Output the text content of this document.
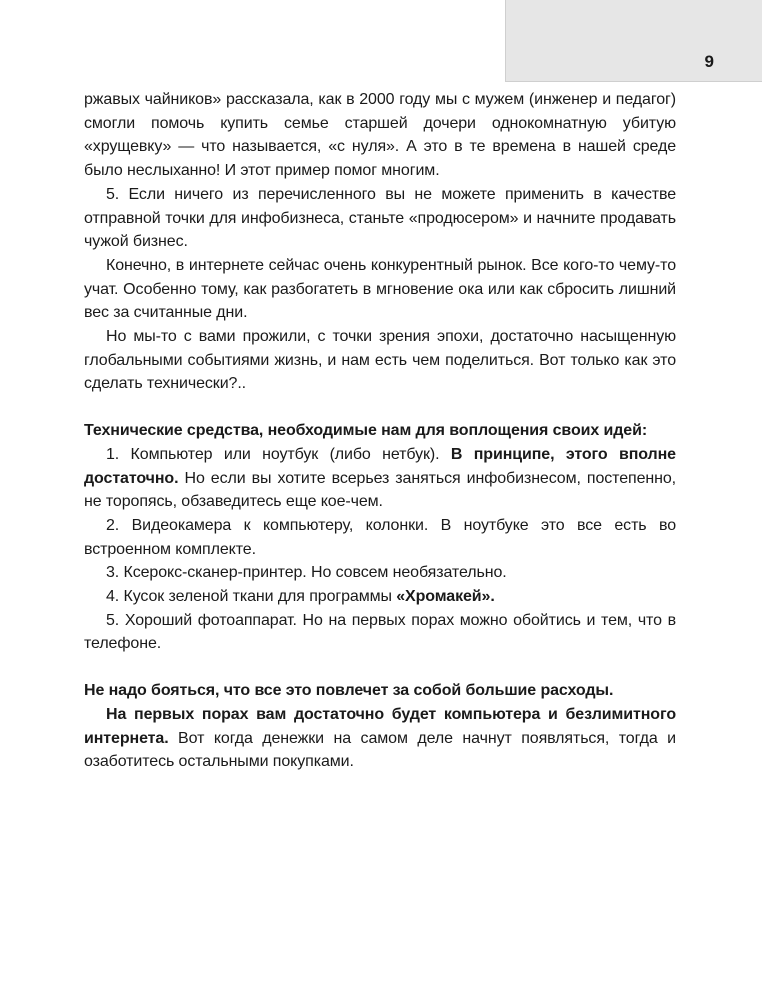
9

ржавых чайников» рассказала, как в 2000 году мы с мужем (инженер и педагог) смогли помочь купить семье старшей дочери однокомнатную убитую «хрущевку» — что называется, «с нуля». А это в те времена в нашей среде было неслыханно! И этот пример помог многим.

5. Если ничего из перечисленного вы не можете применить в качестве отправной точки для инфобизнеса, станьте «продюсером» и начните продавать чужой бизнес.

Конечно, в интернете сейчас очень конкурентный рынок. Все кого-то чему-то учат. Особенно тому, как разбогатеть в мгновение ока или как сбросить лишний вес за считанные дни.

Но мы-то с вами прожили, с точки зрения эпохи, достаточно насыщенную глобальными событиями жизнь, и нам есть чем поделиться. Вот только как это сделать технически?..

Технические средства, необходимые нам для воплощения своих идей:

1. Компьютер или ноутбук (либо нетбук). В принципе, этого вполне достаточно. Но если вы хотите всерьез заняться инфобизнесом, постепенно, не торопясь, обзаведитесь еще кое-чем.

2. Видеокамера к компьютеру, колонки. В ноутбуке это все есть во встроенном комплекте.

3. Ксерокс-сканер-принтер. Но совсем необязательно.

4. Кусок зеленой ткани для программы «Хромакей».

5. Хороший фотоаппарат. Но на первых порах можно обойтись и тем, что в телефоне.

Не надо бояться, что все это повлечет за собой большие расходы.

На первых порах вам достаточно будет компьютера и безлимитного интернета. Вот когда денежки на самом деле начнут появляться, тогда и озаботитесь остальными покупками.
